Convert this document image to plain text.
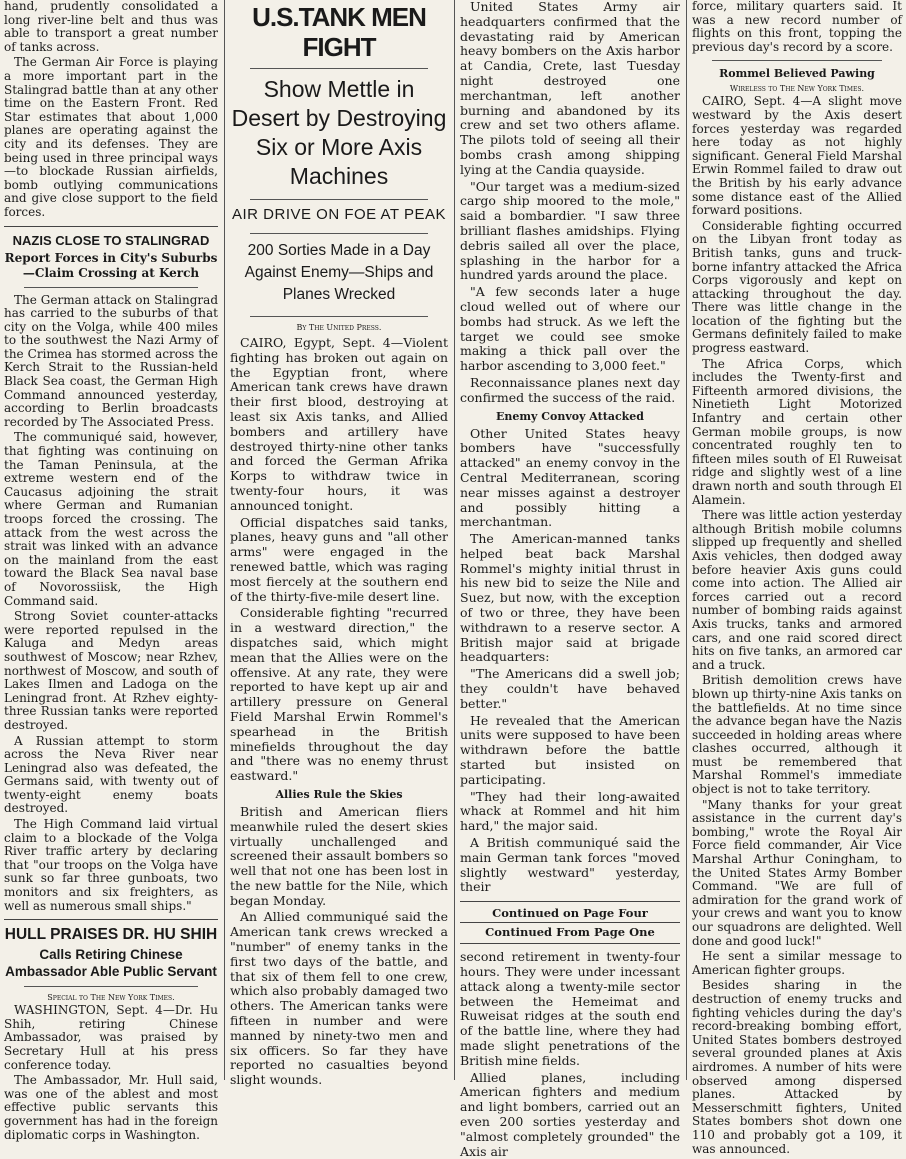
hand, prudently consolidated a long river-line belt and thus was able to transport a great number of tanks across.

The German Air Force is playing a more important part in the Stalingrad battle than at any other time on the Eastern Front. Red Star estimates that about 1,000 planes are operating against the city and its defenses. They are being used in three principal ways—to blockade Russian airfields, bomb outlying communications and give close support to the field forces.

NAZIS CLOSE TO STALINGRAD
Report Forces in City's Suburbs —Claim Crossing at Kerch

The German attack on Stalingrad has carried to the suburbs of that city on the Volga, while 400 miles to the southwest the Nazi Army of the Crimea has stormed across the Kerch Strait to the Russian-held Black Sea coast, the German High Command announced yesterday, according to Berlin broadcasts recorded by The Associated Press.

The communiqué said, however, that fighting was continuing on the Taman Peninsula, at the extreme western end of the Caucasus adjoining the strait where German and Rumanian troops forced the crossing. The attack from the west across the strait was linked with an advance on the mainland from the east toward the Black Sea naval base of Novorossiisk, the High Command said.

Strong Soviet counter-attacks were reported repulsed in the Kaluga and Medyn areas southwest of Moscow; near Rzhev, northwest of Moscow, and south of Lakes Ilmen and Ladoga on the Leningrad front. At Rzhev eighty-three Russian tanks were reported destroyed.

A Russian attempt to storm across the Neva River near Leningrad also was defeated, the Germans said, with twenty out of twenty-eight enemy boats destroyed.

The High Command laid virtual claim to a blockade of the Volga River traffic artery by declaring that "our troops on the Volga have sunk so far three gunboats, two monitors and six freighters, as well as numerous small ships."

HULL PRAISES DR. HU SHIH
Calls Retiring Chinese Ambassador Able Public Servant
Special to The New York Times.

WASHINGTON, Sept. 4—Dr. Hu Shih, retiring Chinese Ambassador, was praised by Secretary Hull at his press conference today.

The Ambassador, Mr. Hull said, was one of the ablest and most effective public servants this government has had in the foreign diplomatic corps in Washington.

U.S.TANK MEN FIGHT
Show Mettle in Desert by Destroying Six or More Axis Machines
AIR DRIVE ON FOE AT PEAK
200 Sorties Made in a Day Against Enemy—Ships and Planes Wrecked
By The United Press.

CAIRO, Egypt, Sept. 4—Violent fighting has broken out again on the Egyptian front, where American tank crews have drawn their first blood, destroying at least six Axis tanks, and Allied bombers and artillery have destroyed thirty-nine other tanks and forced the German Afrika Korps to withdraw twice in twenty-four hours, it was announced tonight.

Official dispatches said tanks, planes, heavy guns and "all other arms" were engaged in the renewed battle, which was raging most fiercely at the southern end of the thirty-five-mile desert line.

Considerable fighting "recurred in a westward direction," the dispatches said, which might mean that the Allies were on the offensive. At any rate, they were reported to have kept up air and artillery pressure on General Field Marshal Erwin Rommel's spearhead in the British minefields throughout the day and "there was no enemy thrust eastward."

Allies Rule the Skies

British and American fliers meanwhile ruled the desert skies virtually unchallenged and screened their assault bombers so well that not one has been lost in the new battle for the Nile, which began Monday.

An Allied communiqué said the American tank crews wrecked a "number" of enemy tanks in the first two days of the battle, and that six of them fell to one crew, which also probably damaged two others. The American tanks were fifteen in number and were manned by ninety-two men and six officers. So far they have reported no casualties beyond slight wounds.

United States Army air headquarters confirmed that the devastating raid by American heavy bombers on the Axis harbor at Candia, Crete, last Tuesday night destroyed one merchantman, left another burning and abandoned by its crew and set two others aflame. The pilots told of seeing all their bombs crash among shipping lying at the Candia quayside.

"Our target was a medium-sized cargo ship moored to the mole," said a bombardier. "I saw three brilliant flashes amidships. Flying debris sailed all over the place, splashing in the harbor for a hundred yards around the place.

"A few seconds later a huge cloud welled out of where our bombs had struck. As we left the target we could see smoke making a thick pall over the harbor ascending to 3,000 feet."

Reconnaissance planes next day confirmed the success of the raid.

Enemy Convoy Attacked

Other United States heavy bombers have "successfully attacked" an enemy convoy in the Central Mediterranean, scoring near misses against a destroyer and possibly hitting a merchantman.

The American-manned tanks helped beat back Marshal Rommel's mighty initial thrust in his new bid to seize the Nile and Suez, but now, with the exception of two or three, they have been withdrawn to a reserve sector. A British major said at brigade headquarters:

"The Americans did a swell job; they couldn't have behaved better."

He revealed that the American units were supposed to have been withdrawn before the battle started but insisted on participating.

"They had their long-awaited whack at Rommel and hit him hard," the major said.

A British communiqué said the main German tank forces "moved slightly westward" yesterday, their

Continued on Page Four
Continued From Page One

second retirement in twenty-four hours. They were under incessant attack along a twenty-mile sector between the Hemeimat and Ruweisat ridges at the south end of the battle line, where they had made slight penetrations of the British mine fields.

Allied planes, including American fighters and medium and light bombers, carried out an even 200 sorties yesterday and "almost completely grounded" the Axis air

force, military quarters said. It was a new record number of flights on this front, topping the previous day's record by a score.

Rommel Believed Pawing
Wireless to The New York Times.

CAIRO, Sept. 4—A slight move westward by the Axis desert forces yesterday was regarded here today as not highly significant. General Field Marshal Erwin Rommel failed to draw out the British by his early advance some distance east of the Allied forward positions.

Considerable fighting occurred on the Libyan front today as British tanks, guns and truck-borne infantry attacked the Africa Corps vigorously and kept on attacking throughout the day. There was little change in the location of the fighting but the Germans definitely failed to make progress eastward.

The Africa Corps, which includes the Twenty-first and Fifteenth armored divisions, the Ninetieth Light Motorized Infantry and certain other German mobile groups, is now concentrated roughly ten to fifteen miles south of El Ruweisat ridge and slightly west of a line drawn north and south through El Alamein.

There was little action yesterday although British mobile columns slipped up frequently and shelled Axis vehicles, then dodged away before heavier Axis guns could come into action. The Allied air forces carried out a record number of bombing raids against Axis trucks, tanks and armored cars, and one raid scored direct hits on five tanks, an armored car and a truck.

British demolition crews have blown up thirty-nine Axis tanks on the battlefields. At no time since the advance began have the Nazis succeeded in holding areas where clashes occurred, although it must be remembered that Marshal Rommel's immediate object is not to take territory.

"Many thanks for your great assistance in the current day's bombing," wrote the Royal Air Force field commander, Air Vice Marshal Arthur Coningham, to the United States Army Bomber Command. "We are full of admiration for the grand work of your crews and want you to know our squadrons are delighted. Well done and good luck!"

He sent a similar message to American fighter groups.

Besides sharing in the destruction of enemy trucks and fighting vehicles during the day's record-breaking bombing effort, United States bombers destroyed several grounded planes at Axis airdromes. A number of hits were observed among dispersed planes. Attacked by Messerschmitt fighters, United States bombers shot down one 110 and probably got a 109, it was announced.
